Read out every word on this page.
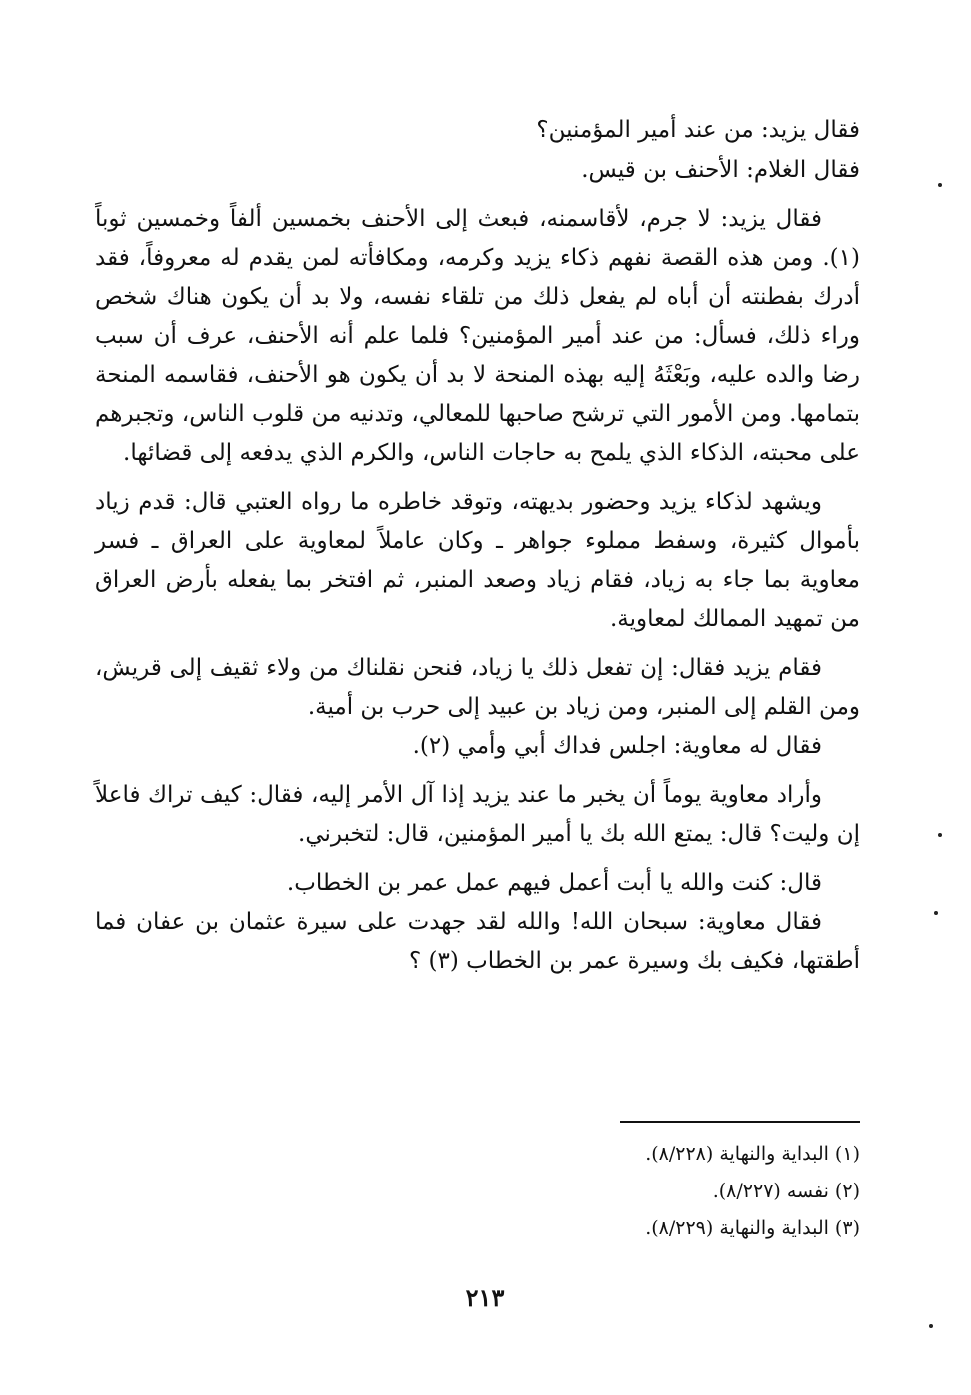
فقال يزيد: من عند أمير المؤمنين؟
فقال الغلام: الأحنف بن قيس.

فقال يزيد: لا جرم، لأقاسمنه، فبعث إلى الأحنف بخمسين ألفاً وخمسين ثوباً (١). ومن هذه القصة نفهم ذكاء يزيد وكرمه، ومكافأته لمن يقدم له معروفاً، فقد أدرك بفطنته أن أباه لم يفعل ذلك من تلقاء نفسه، ولا بد أن يكون هناك شخص وراء ذلك، فسأل: من عند أمير المؤمنين؟ فلما علم أنه الأحنف، عرف أن سبب رضا والده عليه، وبَعْثَهُ إليه بهذه المنحة لا بد أن يكون هو الأحنف، فقاسمه المنحة بتمامها. ومن الأمور التي ترشح صاحبها للمعالي، وتدنيه من قلوب الناس، وتجبرهم على محبته، الذكاء الذي يلمح به حاجات الناس، والكرم الذي يدفعه إلى قضائها.

ويشهد لذكاء يزيد وحضور بديهته، وتوقد خاطره ما رواه العتبي قال: قدم زياد بأموال كثيرة، وسفط مملوء جواهر ـ وكان عاملاً لمعاوية على العراق ـ فسر معاوية بما جاء به زياد، فقام زياد وصعد المنبر، ثم افتخر بما يفعله بأرض العراق من تمهيد الممالك لمعاوية.

فقام يزيد فقال: إن تفعل ذلك يا زياد، فنحن نقلناك من ولاء ثقيف إلى قريش، ومن القلم إلى المنبر، ومن زياد بن عبيد إلى حرب بن أمية.

فقال له معاوية: اجلس فداك أبي وأمي (٢).

وأراد معاوية يوماً أن يخبر ما عند يزيد إذا آل الأمر إليه، فقال: كيف تراك فاعلاً إن وليت؟ قال: يمتع الله بك يا أمير المؤمنين، قال: لتخبرني.

قال: كنت والله يا أبت أعمل فيهم عمل عمر بن الخطاب.

فقال معاوية: سبحان الله! والله لقد جهدت على سيرة عثمان بن عفان فما أطقتها، فكيف بك وسيرة عمر بن الخطاب (٣) ؟

(١) البداية والنهاية (٨/٢٢٨).
(٢) نفسه (٨/٢٢٧).
(٣) البداية والنهاية (٨/٢٢٩).
٢١٣
